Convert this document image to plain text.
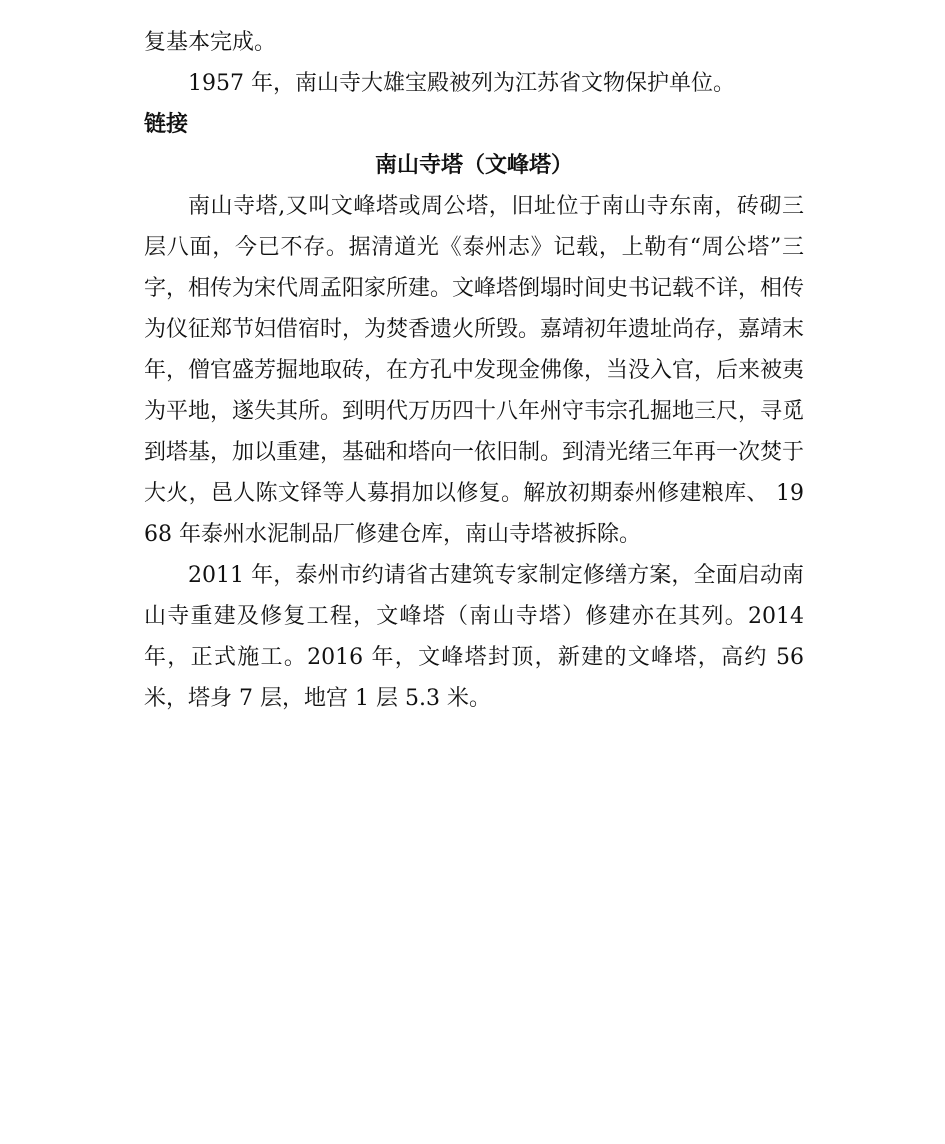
复基本完成。

1957 年，南山寺大雄宝殿被列为江苏省文物保护单位。

链接

南山寺塔（文峰塔）

南山寺塔,又叫文峰塔或周公塔，旧址位于南山寺东南，砖砌三层八面，今已不存。据清道光《泰州志》记载，上勒有“周公塔”三字，相传为宋代周孟阳家所建。文峰塔倒塌时间史书记载不详，相传为仪征郑节妇借宿时，为焚香遗火所毁。嘉靖初年遗址尚存，嘉靖末年，僧官盛芳掘地取砖，在方孔中发现金佛像，当没入官，后来被夷为平地，遂失其所。到明代万历四十八年州守韦宗孔掘地三尺，寻觅到塔基，加以重建，基础和塔向一依旧制。到清光绪三年再一次焚于大火，邑人陈文铎等人募捐加以修复。解放初期泰州修建粮库、 1968 年泰州水泥制品厂修建仓库，南山寺塔被拆除。

2011 年，泰州市约请省古建筑专家制定修缮方案，全面启动南山寺重建及修复工程，文峰塔（南山寺塔）修建亦在其列。2014 年，正式施工。2016 年，文峰塔封顶，新建的文峰塔，高约 56 米，塔身 7 层，地宫 1 层 5.3 米。
